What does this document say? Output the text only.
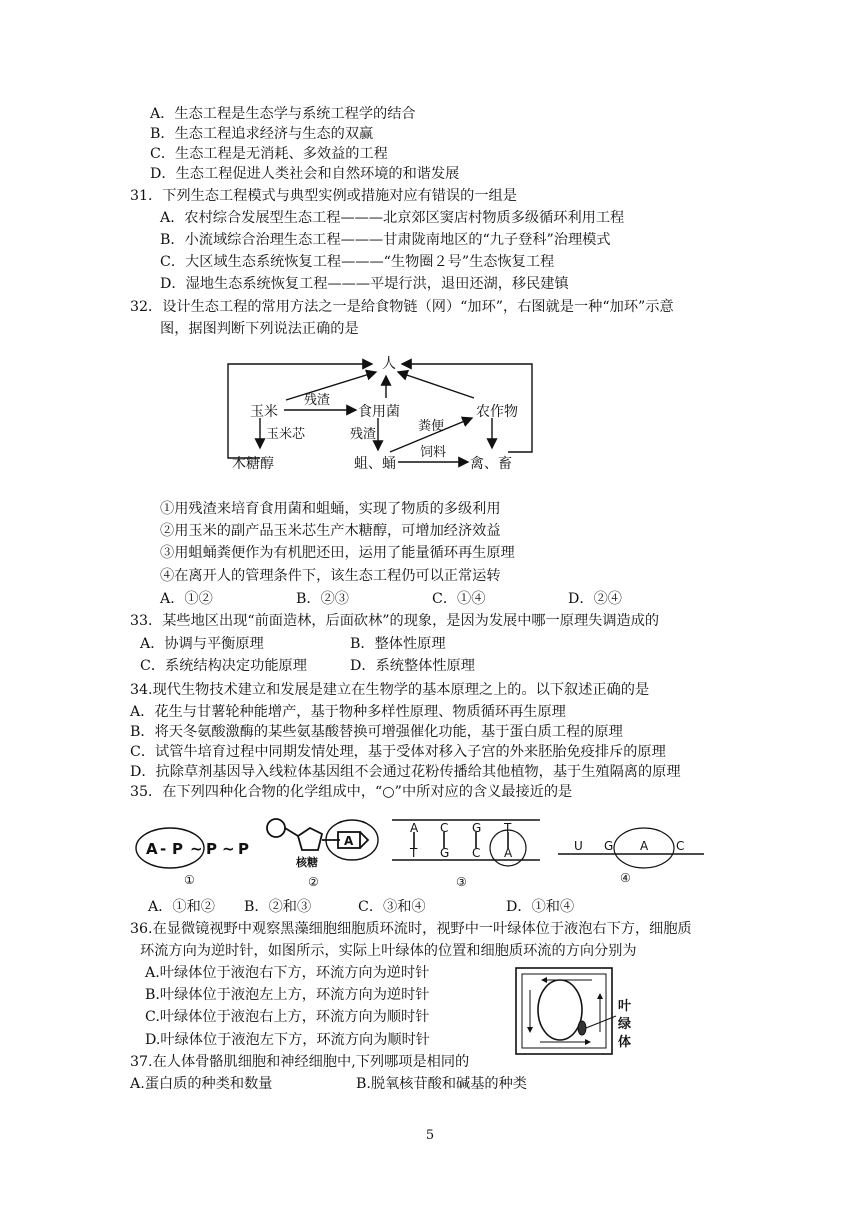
A．生态工程是生态学与系统工程学的结合
B．生态工程追求经济与生态的双赢
C．生态工程是无消耗、多效益的工程
D．生态工程促进人类社会和自然环境的和谐发展
31．下列生态工程模式与典型实例或措施对应有错误的一组是
A．农村综合发展型生态工程———北京郊区窦店村物质多级循环利用工程
B．小流域综合治理生态工程———甘肃陇南地区的“九子登科”治理模式
C．大区域生态系统恢复工程———“生物圈２号”生态恢复工程
D．湿地生态系统恢复工程———平堤行洪，退田还湖，移民建镇
32．设计生态工程的常用方法之一是给食物链（网）“加环”，右图就是一种“加环”示意
图，据图判断下列说法正确的是
人
玉米	食用菌	农作物
残渣
玉米芯	残渣
粪便
饲料
木糖醇	蛆、蛹	禽、畜
①用残渣来培育食用菌和蛆蛹，实现了物质的多级利用
②用玉米的副产品玉米芯生产木糖醇，可增加经济效益
③用蛆蛹粪便作为有机肥还田，运用了能量循环再生原理
④在离开人的管理条件下，该生态工程仍可以正常运转
A．①②	B．②③	C．①④	D．②④
33．某些地区出现“前面造林，后面砍林”的现象，是因为发展中哪一原理失调造成的
A．协调与平衡原理	B．整体性原理
C．系统结构决定功能原理	D．系统整体性原理
34.现代生物技术建立和发展是建立在生物学的基本原理之上的。以下叙述正确的是
A．花生与甘薯轮种能增产，基于物种多样性原理、物质循环再生原理
B．将天冬氨酸激酶的某些氨基酸替换可增强催化功能，基于蛋白质工程的原理
C．试管牛培育过程中同期发情处理，基于受体对移入子宫的外来胚胎免疫排斥的原理
D．抗除草剂基因导入线粒体基因组不会通过花粉传播给其他植物，基于生殖隔离的原理
35．在下列四种化合物的化学组成中，“○”中所对应的含义最接近的是
A - P ~ P ~ P
①
A
核糖
②
A C G T
T G C A
③
U G A C
④
A．①和② B．②和③	C．③和④	D．①和④
36.在显微镜视野中观察黑藻细胞细胞质环流时，视野中一叶绿体位于液泡右下方，细胞质
环流方向为逆时针，如图所示，实际上叶绿体的位置和细胞质环流的方向分别为
A.叶绿体位于液泡右下方，环流方向为逆时针
B.叶绿体位于液泡左上方，环流方向为逆时针
C.叶绿体位于液泡右上方，环流方向为顺时针
D.叶绿体位于液泡左下方，环流方向为顺时针
叶
绿
体
37.在人体骨骼肌细胞和神经细胞中,下列哪项是相同的
A.蛋白质的种类和数量	B.脱氧核苷酸和碱基的种类
5
